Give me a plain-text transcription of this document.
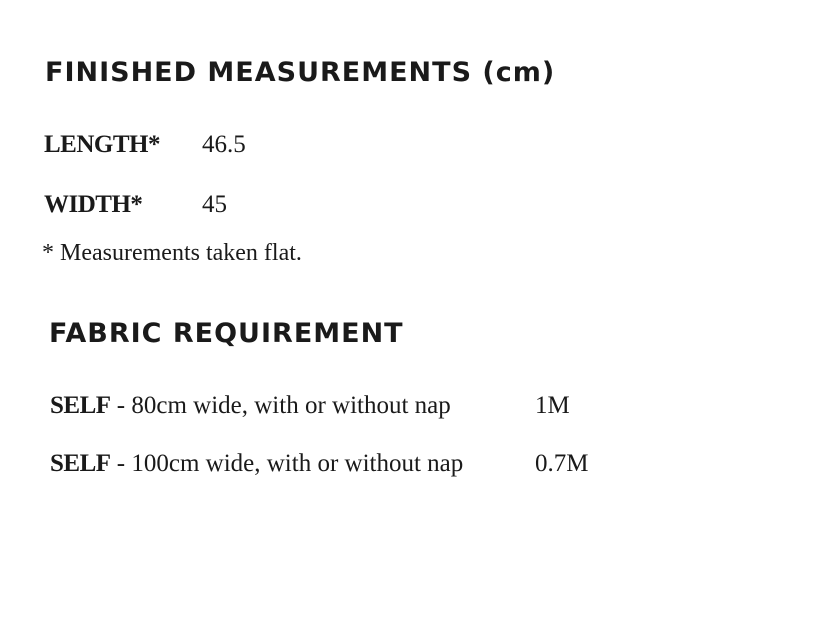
FINISHED MEASUREMENTS (cm)
LENGTH* 46.5
WIDTH* 45
* Measurements taken flat.
FABRIC REQUIREMENT
SELF - 80cm wide, with or without nap	1M
SELF - 100cm wide, with or without nap	0.7M
